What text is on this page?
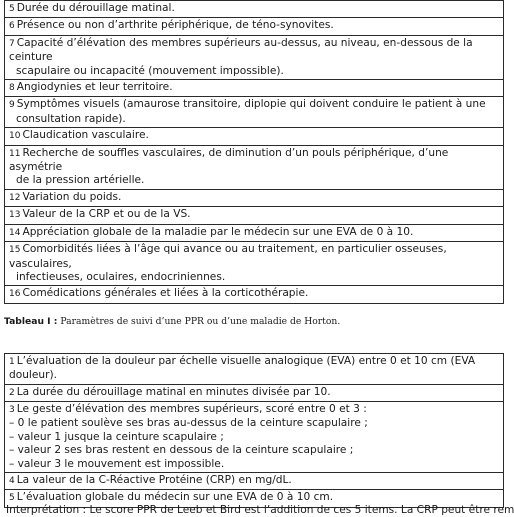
5 Durée du dérouillage matinal.
6 Présence ou non d’arthrite périphérique, de téno-synovites.
7 Capacité d’élévation des membres supérieurs au-dessus, au niveau, en-dessous de la ceinture
scapulaire ou incapacité (mouvement impossible).

8 Angiodynies et leur territoire.
9 Symptômes visuels (amaurose transitoire, diplopie qui doivent conduire le patient à une
consultation rapide).

10 Claudication vasculaire.
11 Recherche de souffles vasculaires, de diminution d’un pouls périphérique, d’une asymétrie
de la pression artérielle.

12 Variation du poids.
13 Valeur de la CRP et ou de la VS.
14 Appréciation globale de la maladie par le médecin sur une EVA de 0 à 10.
15 Comorbidités liées à l’âge qui avance ou au traitement, en particulier osseuses, vasculaires,
infectieuses, oculaires, endocriniennes.

16 Comédications générales et liées à la corticothérapie.
Tableau I : Paramètres de suivi d’une PPR ou d’une maladie de Horton.
1 L’évaluation de la douleur par échelle visuelle analogique (EVA) entre 0 et 10 cm (EVA douleur).
2 La durée du dérouillage matinal en minutes divisée par 10.
3 Le geste d’élévation des membres supérieurs, scoré entre 0 et 3 :
– 0 le patient soulève ses bras au-dessus de la ceinture scapulaire ;
– valeur 1 jusque la ceinture scapulaire ;
– valeur 2 ses bras restent en dessous de la ceinture scapulaire ;
– valeur 3 le mouvement est impossible.

4 La valeur de la C-Réactive Protéine (CRP) en mg/dL.
5 L’évaluation globale du médecin sur une EVA de 0 à 10 cm.
Interprétation : Le score PPR de Leeb et Bird est l’addition de ces 5 items. La CRP peut être rem
